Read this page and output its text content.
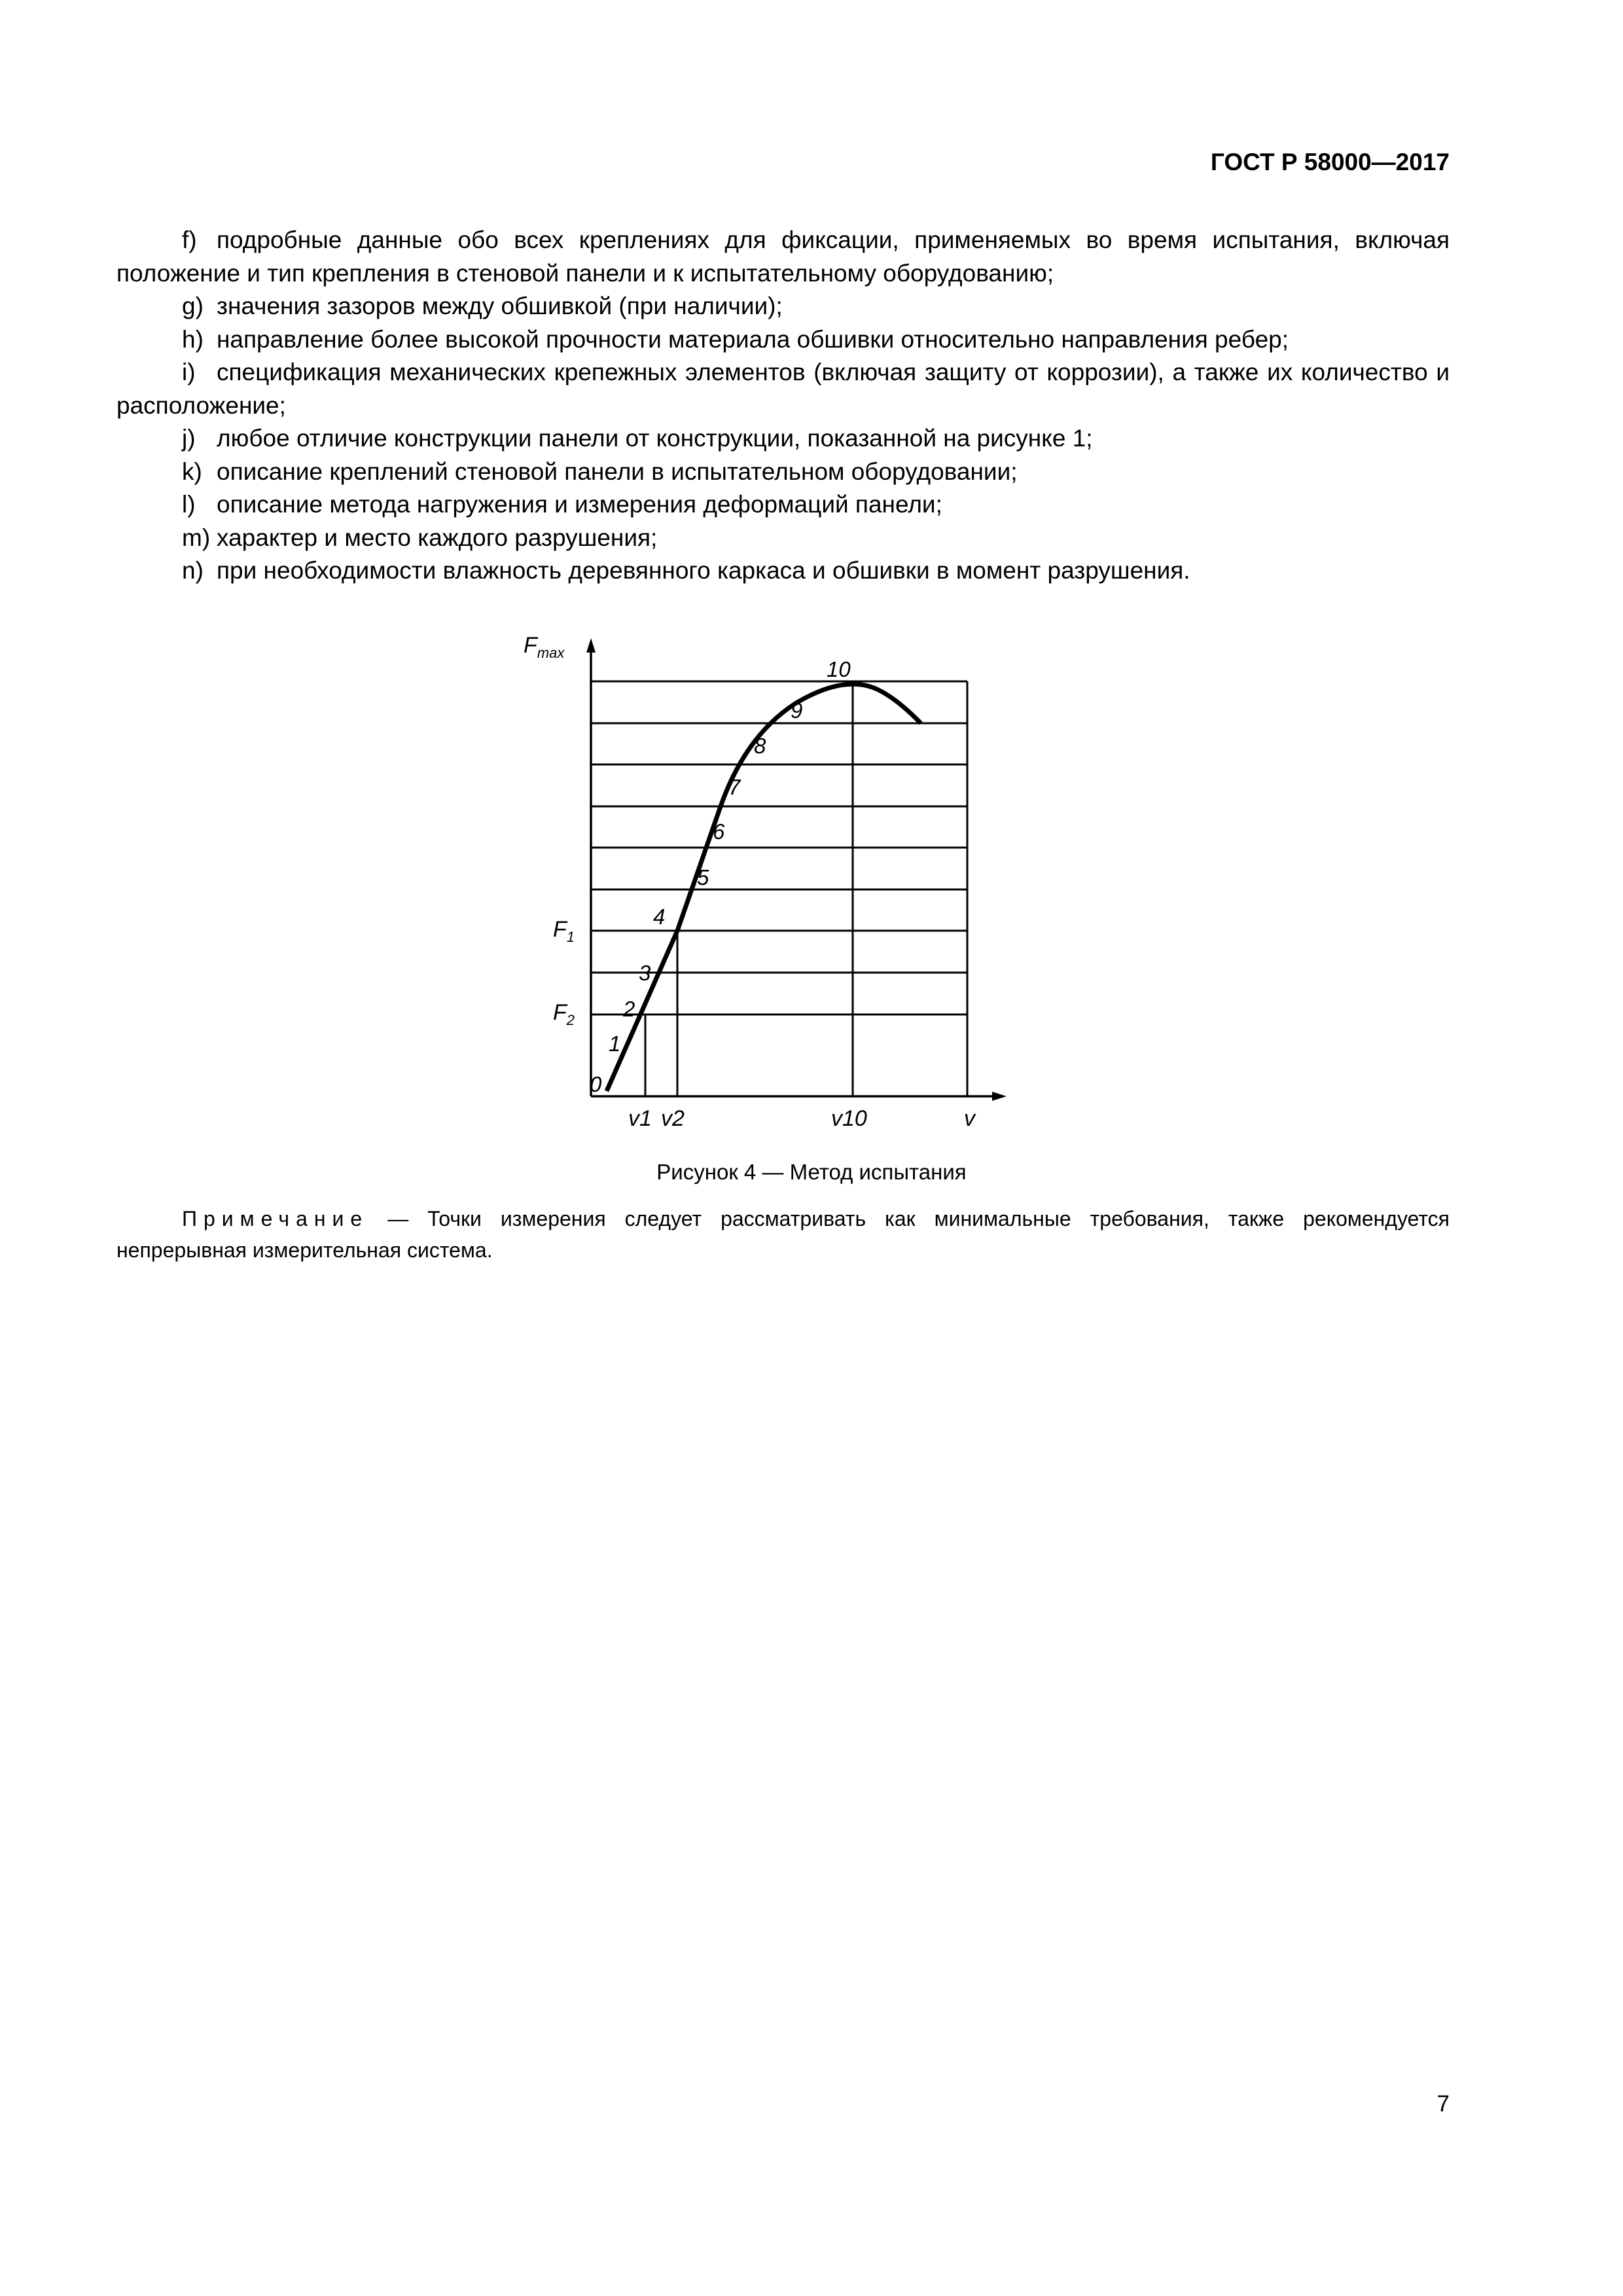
ГОСТ Р 58000—2017
f) подробные данные обо всех креплениях для фиксации, применяемых во время испытания, включая положение и тип крепления в стеновой панели и к испытательному оборудованию;
g) значения зазоров между обшивкой (при наличии);
h) направление более высокой прочности материала обшивки относительно направления ребер;
i) спецификация механических крепежных элементов (включая защиту от коррозии), а также их количество и расположение;
j) любое отличие конструкции панели от конструкции, показанной на рисунке 1;
k) описание креплений стеновой панели в испытательном оборудовании;
l) описание метода нагружения и измерения деформаций панели;
m) характер и место каждого разрушения;
n) при необходимости влажность деревянного каркаса и обшивки в момент разрушения.
$F_{max}$
$F_1$
$F_2$
v1 v2	v10	v
0
1
2
3
4
5
6
7
8
9
10
Рисунок 4 — Метод испытания
Примечание — Точки измерения следует рассматривать как минимальные требования, также рекомендуется непрерывная измерительная система.
7
